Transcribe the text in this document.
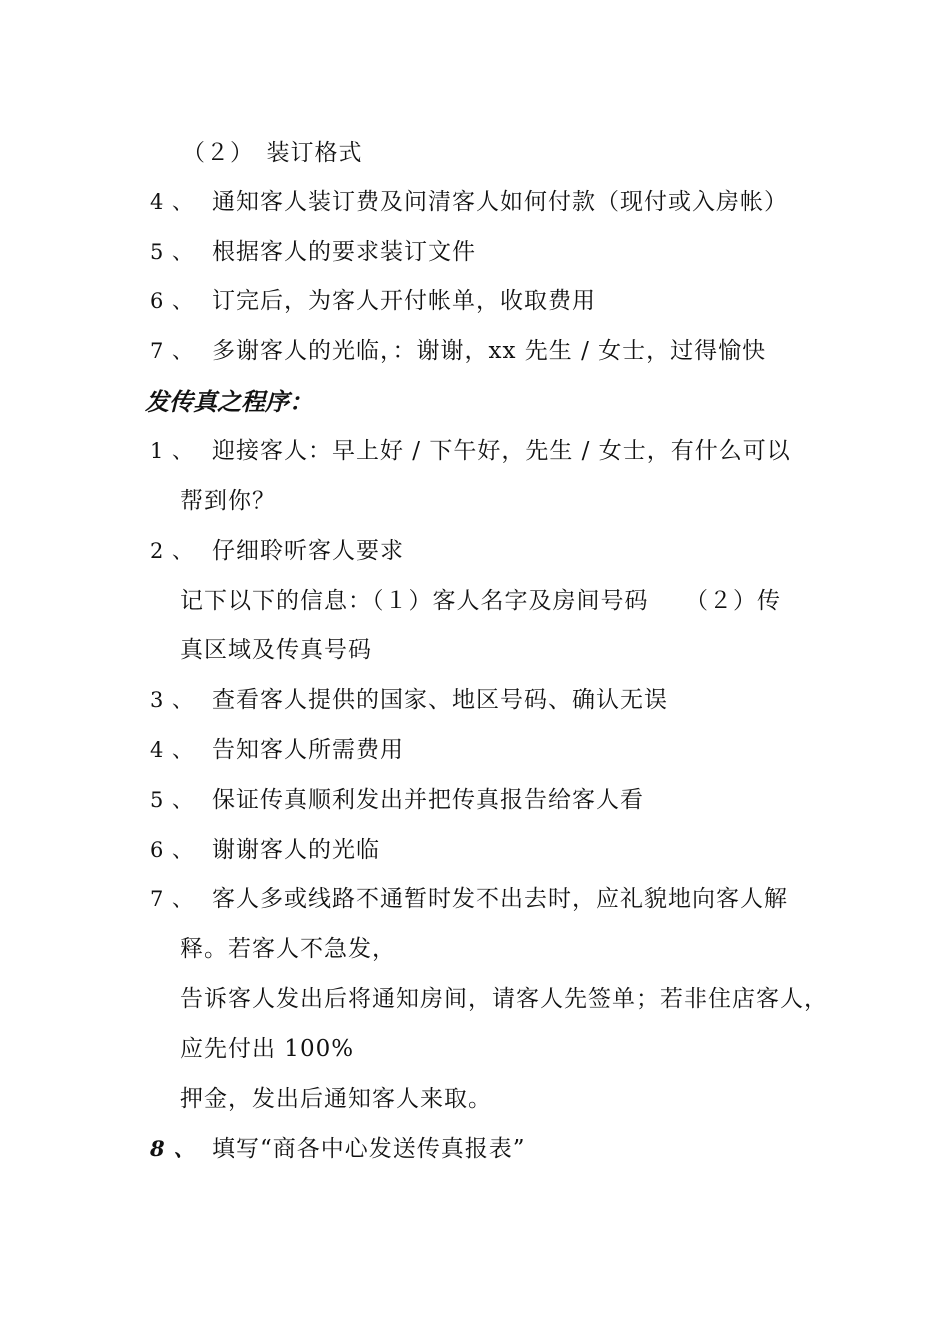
（２）　装订格式
4 、 通知客人装订费及问清客人如何付款（现付或入房帐）
5 、 根据客人的要求装订文件
6 、 订完后，为客人开付帐单，收取费用
7 、 多谢客人的光临，：谢谢，xx 先生 / 女士，过得愉快
发传真之程序：
1 、 迎接客人：早上好 / 下午好，先生 / 女士，有什么可以
帮到你？
2 、 仔细聆听客人要求
记下以下的信息：（１）客人名字及房间号码　　（２）传
真区域及传真号码
3 、 查看客人提供的国家、地区号码、确认无误
4 、 告知客人所需费用
5 、 保证传真顺利发出并把传真报告给客人看
6 、 谢谢客人的光临
7 、 客人多或线路不通暂时发不出去时，应礼貌地向客人解
释。若客人不急发，
告诉客人发出后将通知房间，请客人先签单；若非住店客人，
应先付出 100%
押金，发出后通知客人来取。
8 、 填写“商各中心发送传真报表”
